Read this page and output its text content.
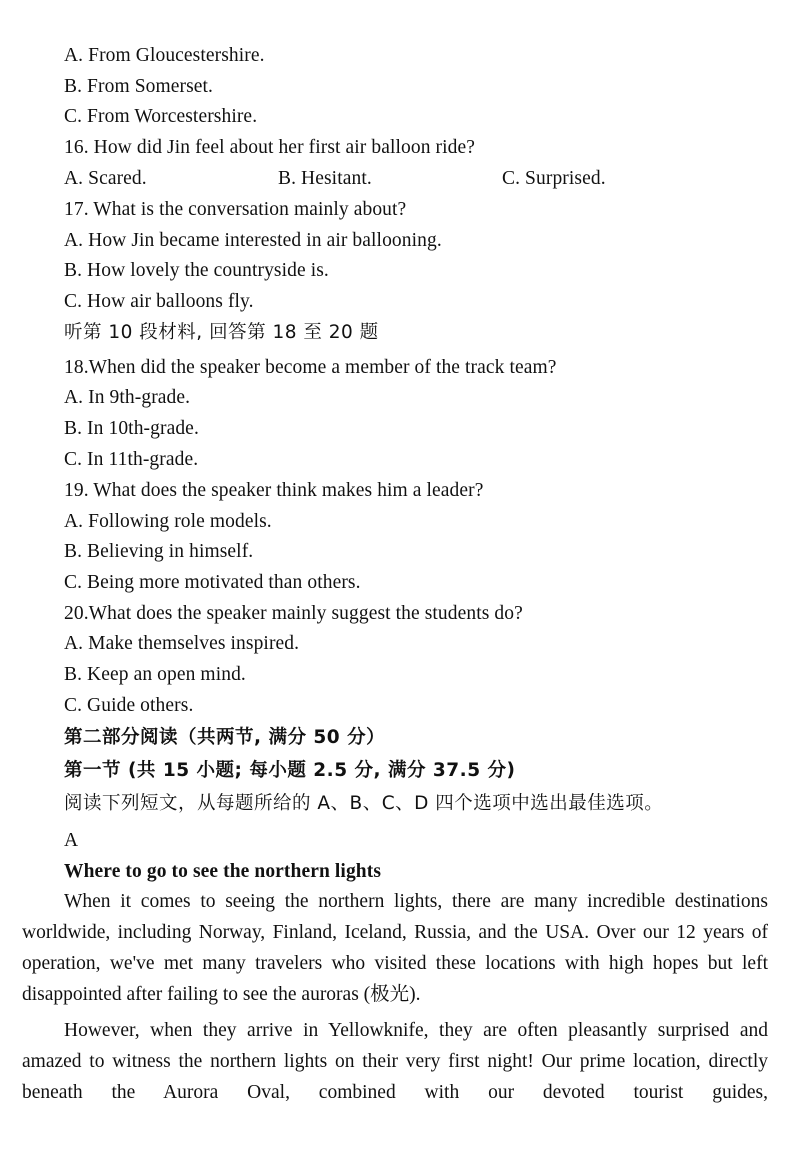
A. From Gloucestershire.
B. From Somerset.
C. From Worcestershire.
16. How did Jin feel about her first air balloon ride?
A. Scared.	B. Hesitant.	C. Surprised.
17. What is the conversation mainly about?
A. How Jin became interested in air ballooning.
B. How lovely the countryside is.
C. How air balloons fly.
听第 10 段材料, 回答第 18 至 20 题
18.When did the speaker become a member of the track team?
A. In 9th-grade.
B. In 10th-grade.
C. In 11th-grade.
19. What does the speaker think makes him a leader?
A. Following role models.
B. Believing in himself.
C. Being more motivated than others.
20.What does the speaker mainly suggest the students do?
A. Make themselves inspired.
B. Keep an open mind.
C. Guide others.
第二部分阅读（共两节, 满分 50 分）
第一节 (共 15 小题; 每小题 2.5 分, 满分 37.5 分)
阅读下列短文，从每题所给的 A、B、C、D 四个选项中选出最佳选项。
A
Where to go to see the northern lights

When it comes to seeing the northern lights, there are many incredible destinations worldwide, including Norway, Finland, Iceland, Russia, and the USA. Over our 12 years of operation, we've met many travelers who visited these locations with high hopes but left disappointed after failing to see the auroras (极光).

However, when they arrive in Yellowknife, they are often pleasantly surprised and amazed to witness the northern lights on their very first night! Our prime location, directly beneath the Aurora Oval, combined with our devoted tourist guides,
